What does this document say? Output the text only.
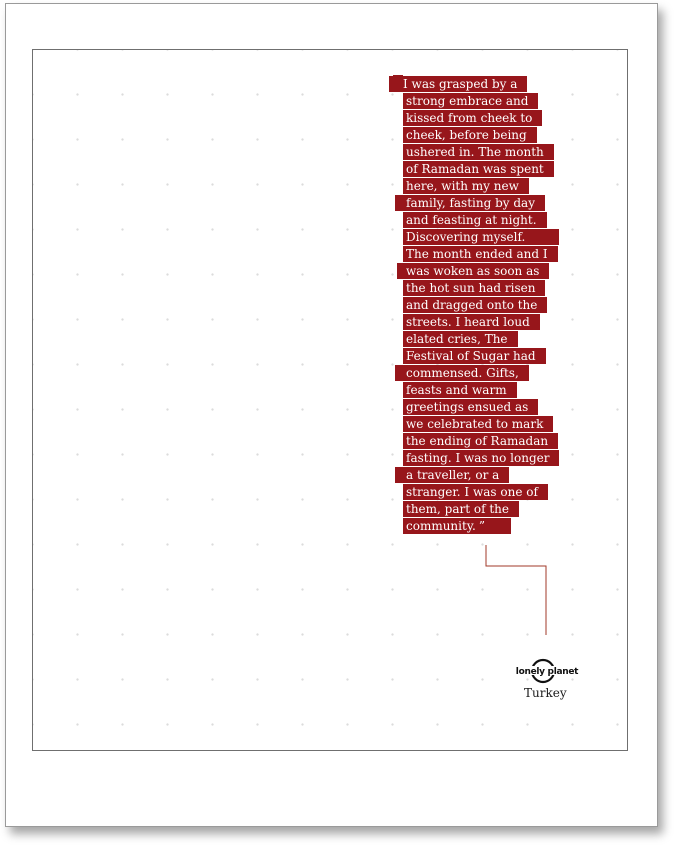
I was grasped by a
strong embrace and
kissed from cheek to
cheek, before being
ushered in. The month
of Ramadan was spent
here, with my new
family, fasting by day
and feasting at night.
Discovering myself.
The month ended and I
was woken as soon as
the hot sun had risen
and dragged onto the
streets. I heard loud
elated cries, The
Festival of Sugar had
commensed. Gifts,
feasts and warm
greetings ensued as
we celebrated to mark
the ending of Ramadan
fasting. I was no longer
a traveller, or a
stranger. I was one of
them, part of the
community. ”
lonely planet
Turkey
